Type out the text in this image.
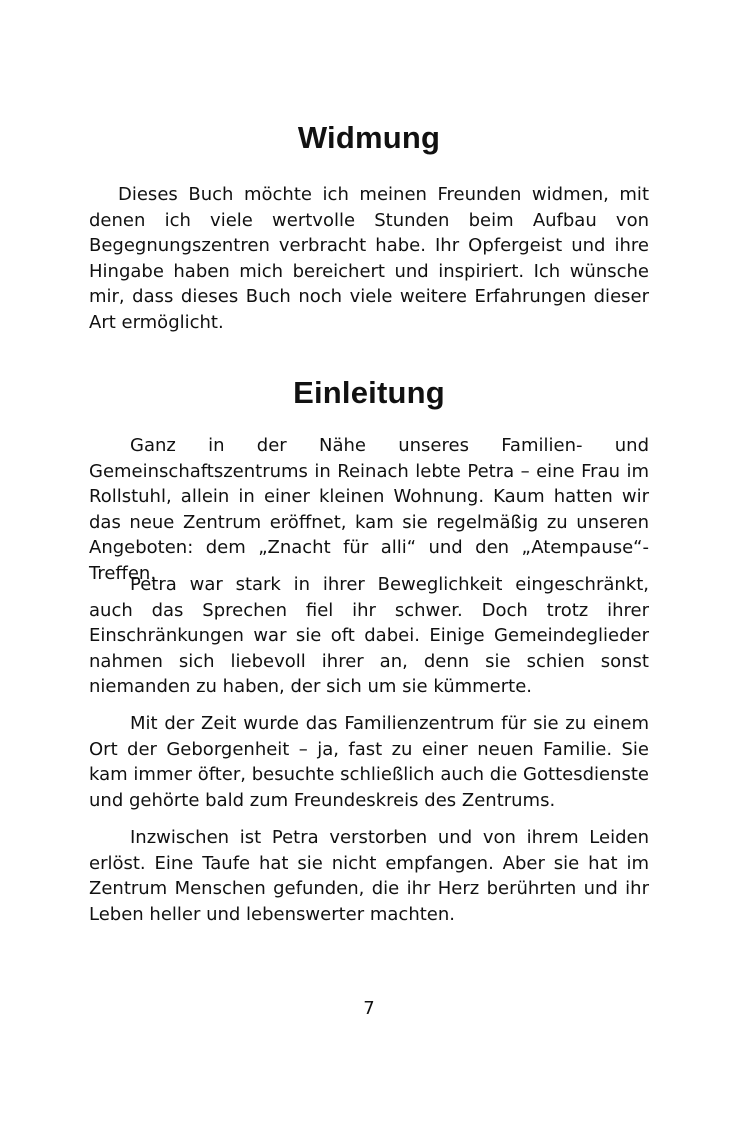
Widmung

Dieses Buch möchte ich meinen Freunden widmen, mit denen ich viele wertvolle Stunden beim Aufbau von Begegnungszentren verbracht habe. Ihr Opfergeist und ihre Hingabe haben mich bereichert und inspiriert. Ich wünsche mir, dass dieses Buch noch viele weitere Erfahrungen dieser Art ermöglicht.

Einleitung

Ganz in der Nähe unseres Familien- und Gemeinschaftszentrums in Reinach lebte Petra – eine Frau im Rollstuhl, allein in einer kleinen Wohnung. Kaum hatten wir das neue Zentrum eröffnet, kam sie regelmäßig zu unseren Angeboten: dem „Znacht für alli“ und den „Atempause“-Treffen.

Petra war stark in ihrer Beweglichkeit eingeschränkt, auch das Sprechen fiel ihr schwer. Doch trotz ihrer Einschränkungen war sie oft dabei. Einige Gemeindeglieder nahmen sich liebevoll ihrer an, denn sie schien sonst niemanden zu haben, der sich um sie kümmerte.

Mit der Zeit wurde das Familienzentrum für sie zu einem Ort der Geborgenheit – ja, fast zu einer neuen Familie. Sie kam immer öfter, besuchte schließlich auch die Gottesdienste und gehörte bald zum Freundeskreis des Zentrums.

Inzwischen ist Petra verstorben und von ihrem Leiden erlöst. Eine Taufe hat sie nicht empfangen. Aber sie hat im Zentrum Menschen gefunden, die ihr Herz berührten und ihr Leben heller und lebenswerter machten.

7
